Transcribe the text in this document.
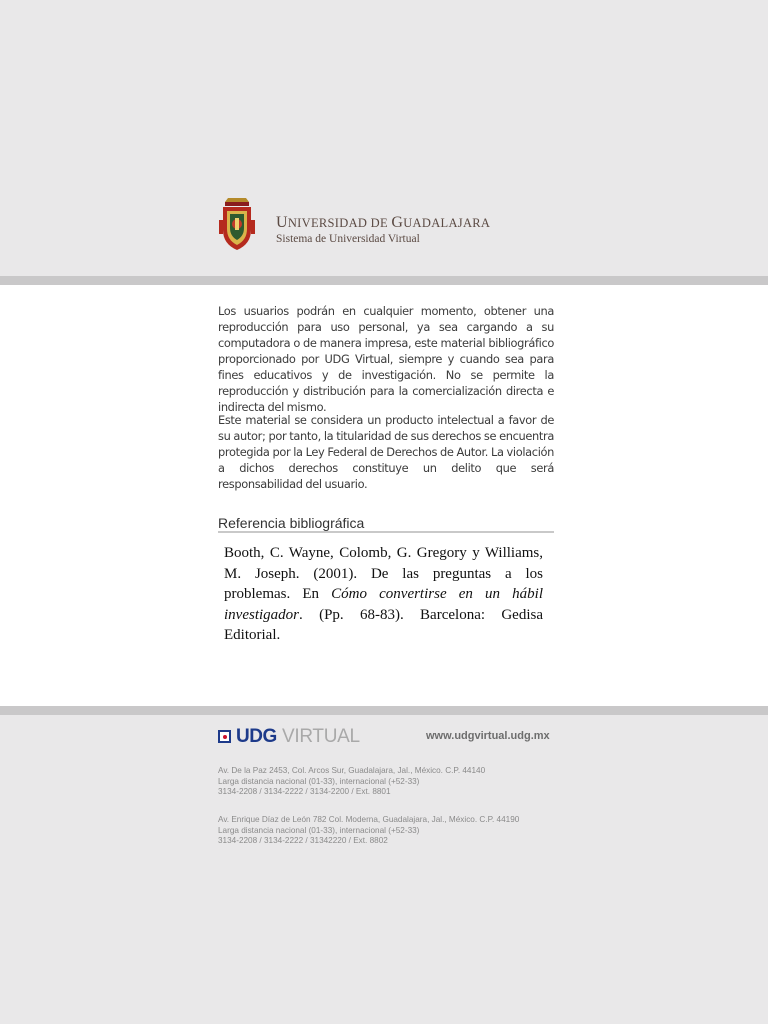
UNIVERSIDAD DE GUADALAJARA
Sistema de Universidad Virtual

Los usuarios podrán en cualquier momento, obtener una reproducción para uso personal, ya sea cargando a su computadora o de manera impresa, este material bibliográfico proporcionado por UDG Virtual, siempre y cuando sea para fines educativos y de investigación. No se permite la reproducción y distribución para la comercialización directa e indirecta del mismo.

Este material se considera un producto intelectual a favor de su autor; por tanto, la titularidad de sus derechos se encuentra protegida por la Ley Federal de Derechos de Autor. La violación a dichos derechos constituye un delito que será responsabilidad del usuario.

Referencia bibliográfica
Booth, C. Wayne, Colomb, G. Gregory y Williams,
M. Joseph. (2001). De las preguntas a los
problemas. En Cómo convertirse en un hábil
investigador. (Pp. 68-83). Barcelona: Gedisa
Editorial.
UDG VIRTUAL	www.udgvirtual.udg.mx
Av. De la Paz 2453, Col. Arcos Sur, Guadalajara, Jal., México. C.P. 44140
Larga distancia nacional (01-33), internacional (+52-33)
3134-2208 / 3134-2222 / 3134-2200 / Ext. 8801
Av. Enrique Díaz de León 782 Col. Moderna, Guadalajara, Jal., México. C.P. 44190
Larga distancia nacional (01-33), internacional (+52-33)
3134-2208 / 3134-2222 / 31342220 / Ext. 8802
